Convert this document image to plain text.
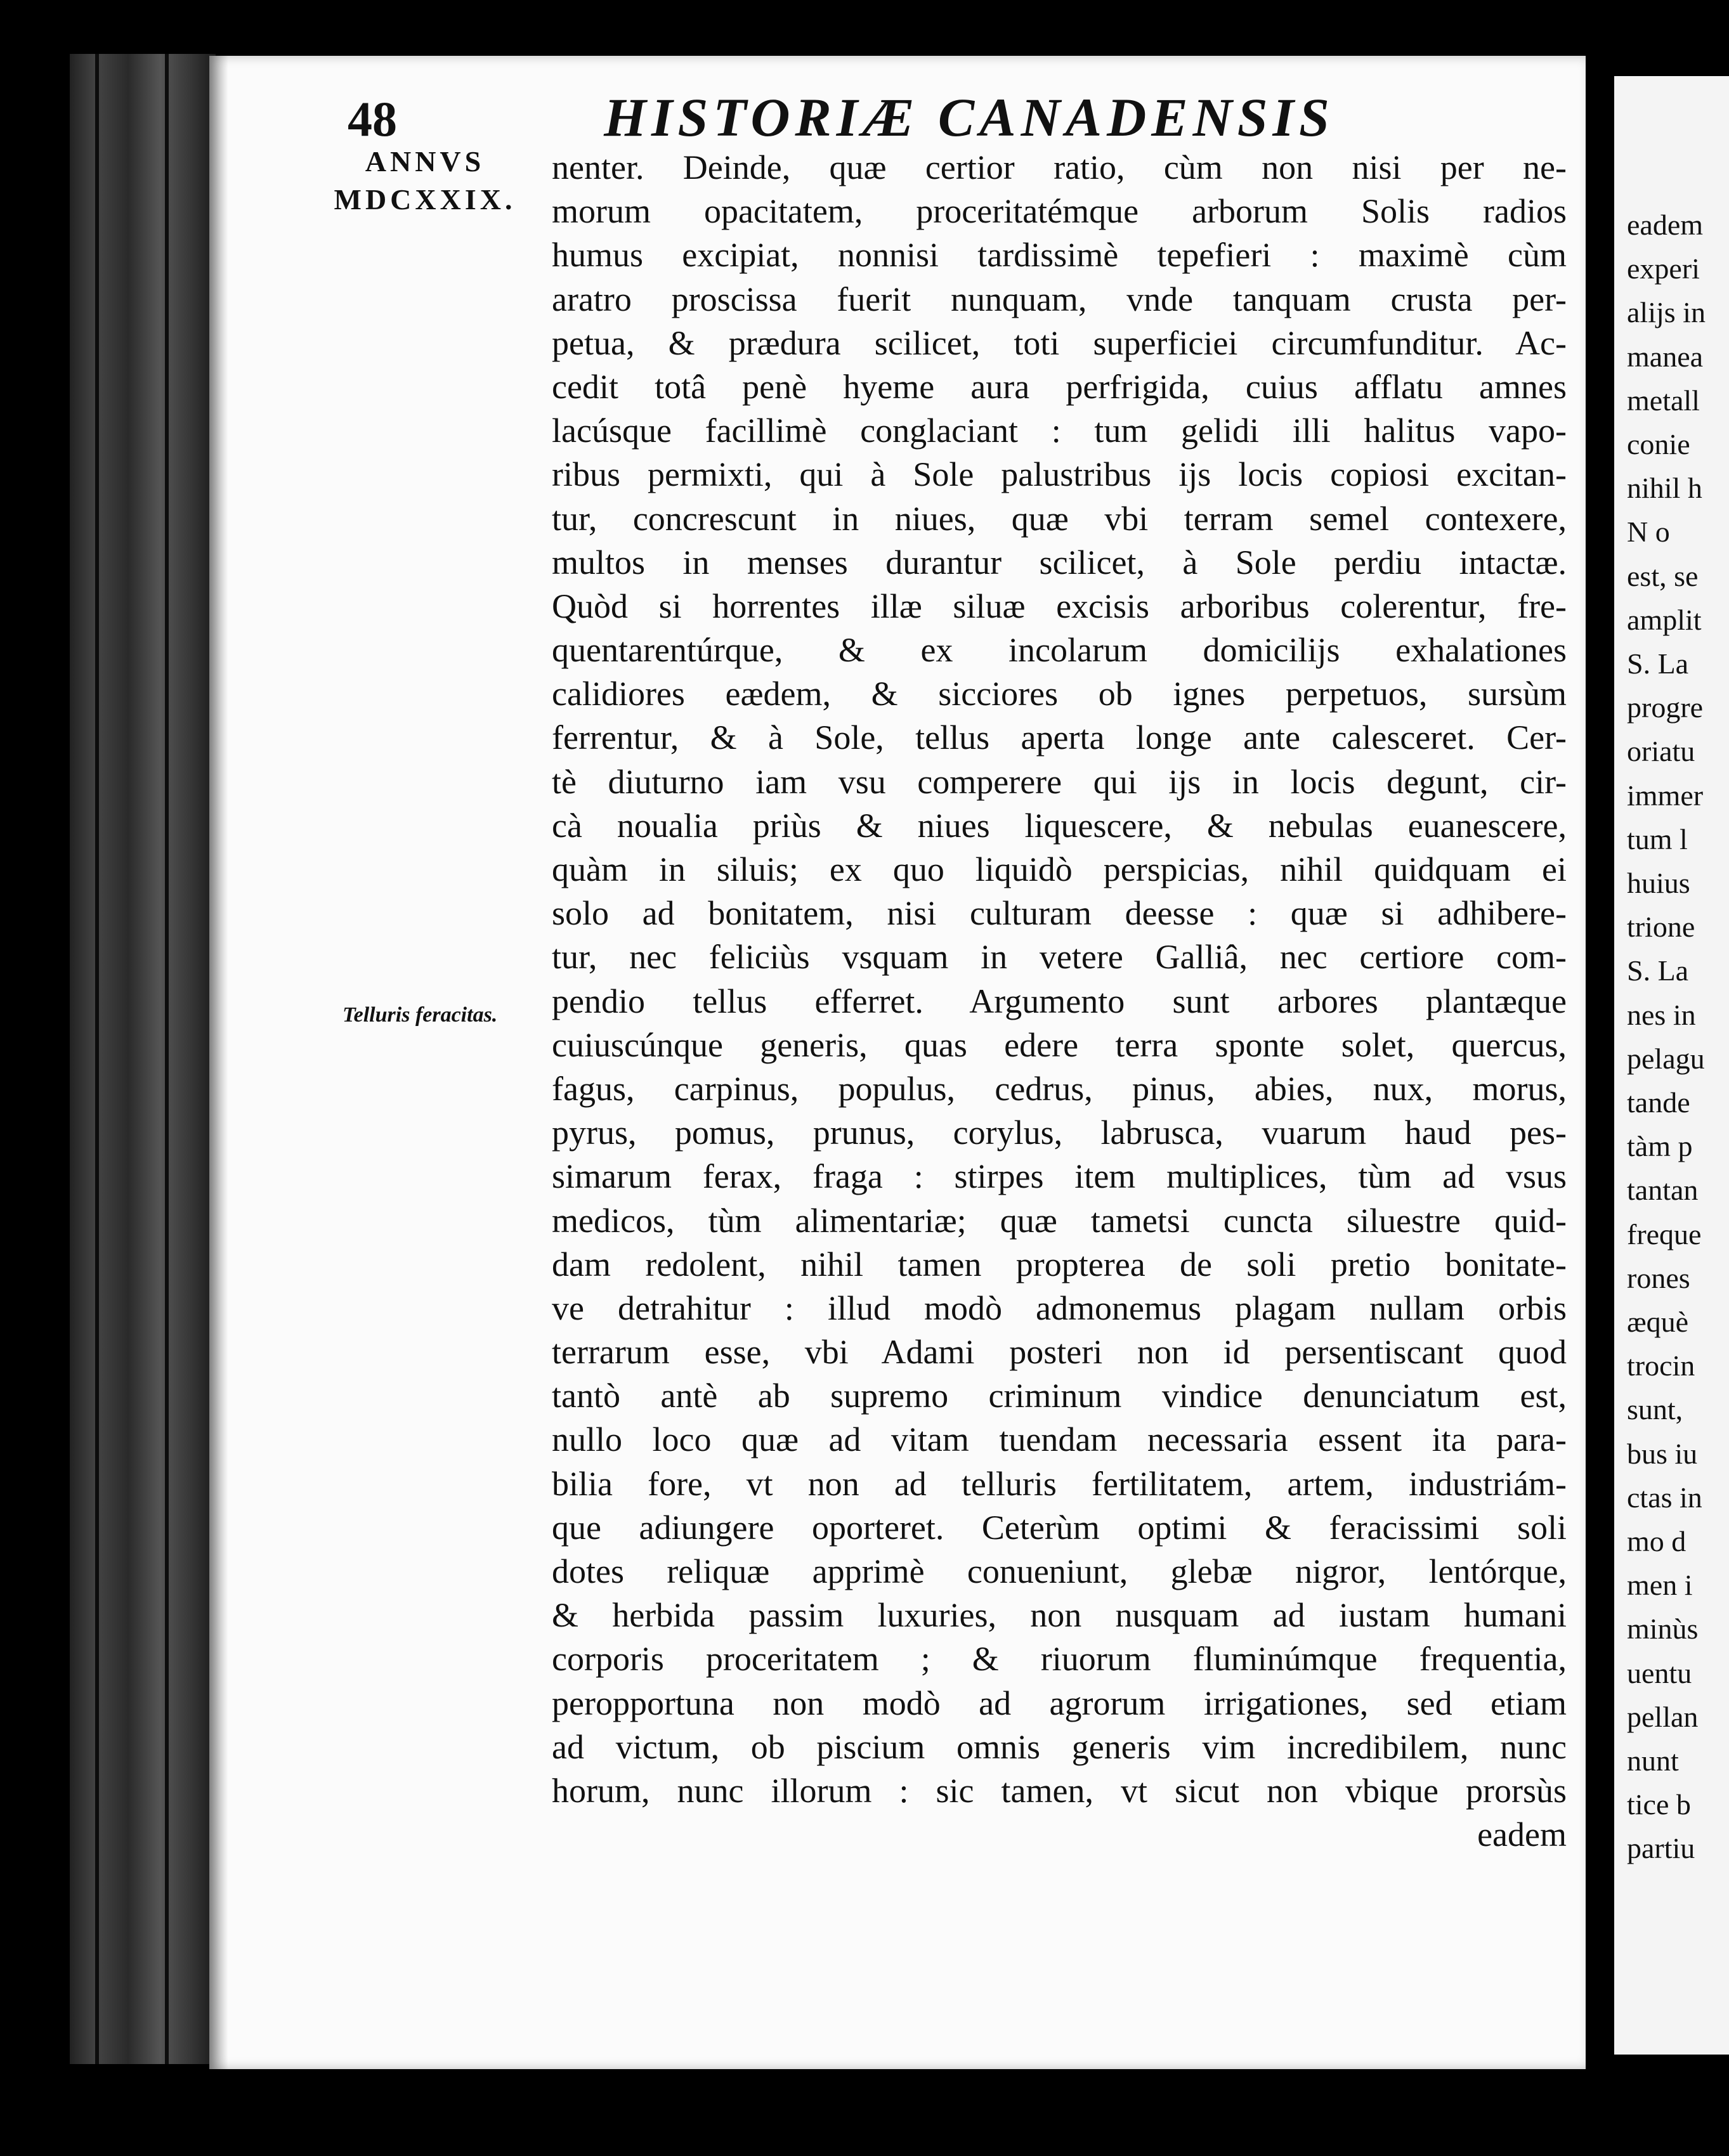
48	HISTORIÆ CANADENSIS
ANNVS
MDCXXIX.
Telluris feracitas.
nenter. Deinde, quæ certior ratio, cùm non nisi per ne-
morum opacitatem, proceritatémque arborum Solis radios
humus excipiat, nonnisi tardissimè tepefieri : maximè cùm
aratro proscissa fuerit nunquam, vnde tanquam crusta per-
petua, & prædura scilicet, toti superficiei circumfunditur. Ac-
cedit totâ penè hyeme aura perfrigida, cuius afflatu amnes
lacúsque facillimè conglaciant : tum gelidi illi halitus vapo-
ribus permixti, qui à Sole palustribus ijs locis copiosi excitan-
tur, concrescunt in niues, quæ vbi terram semel contexere,
multos in menses durantur scilicet, à Sole perdiu intactæ.
Quòd si horrentes illæ siluæ excisis arboribus colerentur, fre-
quentarentúrque, & ex incolarum domicilijs exhalationes
calidiores eædem, & sicciores ob ignes perpetuos, sursùm
ferrentur, & à Sole, tellus aperta longe ante calesceret. Cer-
tè diuturno iam vsu comperere qui ijs in locis degunt, cir-
cà noualia priùs & niues liquescere, & nebulas euanescere,
quàm in siluis; ex quo liquidò perspicias, nihil quidquam ei
solo ad bonitatem, nisi culturam deesse : quæ si adhibere-
tur, nec feliciùs vsquam in vetere Galliâ, nec certiore com-
pendio tellus efferret. Argumento sunt arbores plantæque
cuiuscúnque generis, quas edere terra sponte solet, quercus,
fagus, carpinus, populus, cedrus, pinus, abies, nux, morus,
pyrus, pomus, prunus, corylus, labrusca, vuarum haud pes-
simarum ferax, fraga : stirpes item multiplices, tùm ad vsus
medicos, tùm alimentariæ; quæ tametsi cuncta siluestre quid-
dam redolent, nihil tamen propterea de soli pretio bonitate-
ve detrahitur : illud modò admonemus plagam nullam orbis
terrarum esse, vbi Adami posteri non id persentiscant quod
tantò antè ab supremo criminum vindice denunciatum est,
nullo loco quæ ad vitam tuendam necessaria essent ita para-
bilia fore, vt non ad telluris fertilitatem, artem, industriám-
que adiungere oporteret. Ceterùm optimi & feracissimi soli
dotes reliquæ apprimè conueniunt, glebæ nigror, lentórque,
& herbida passim luxuries, non nusquam ad iustam humani
corporis proceritatem ; & riuorum fluminúmque frequentia,
peropportuna non modò ad agrorum irrigationes, sed etiam
ad victum, ob piscium omnis generis vim incredibilem, nunc
horum, nunc illorum : sic tamen, vt sicut non vbique prorsùs
eadem
eadem
experi
alijs in
manea
metall
conie
nihil h
N o
est, se
amplit
S. La
progre
oriatu
immer
tum l
huius
trione
S. La
nes in
pelagu
tande
tàm p
tantan
freque
rones
æquè
trocin
sunt,
bus iu
ctas in
mo d
men i
minùs
uentu
pellan
nunt
tice b
partiu
